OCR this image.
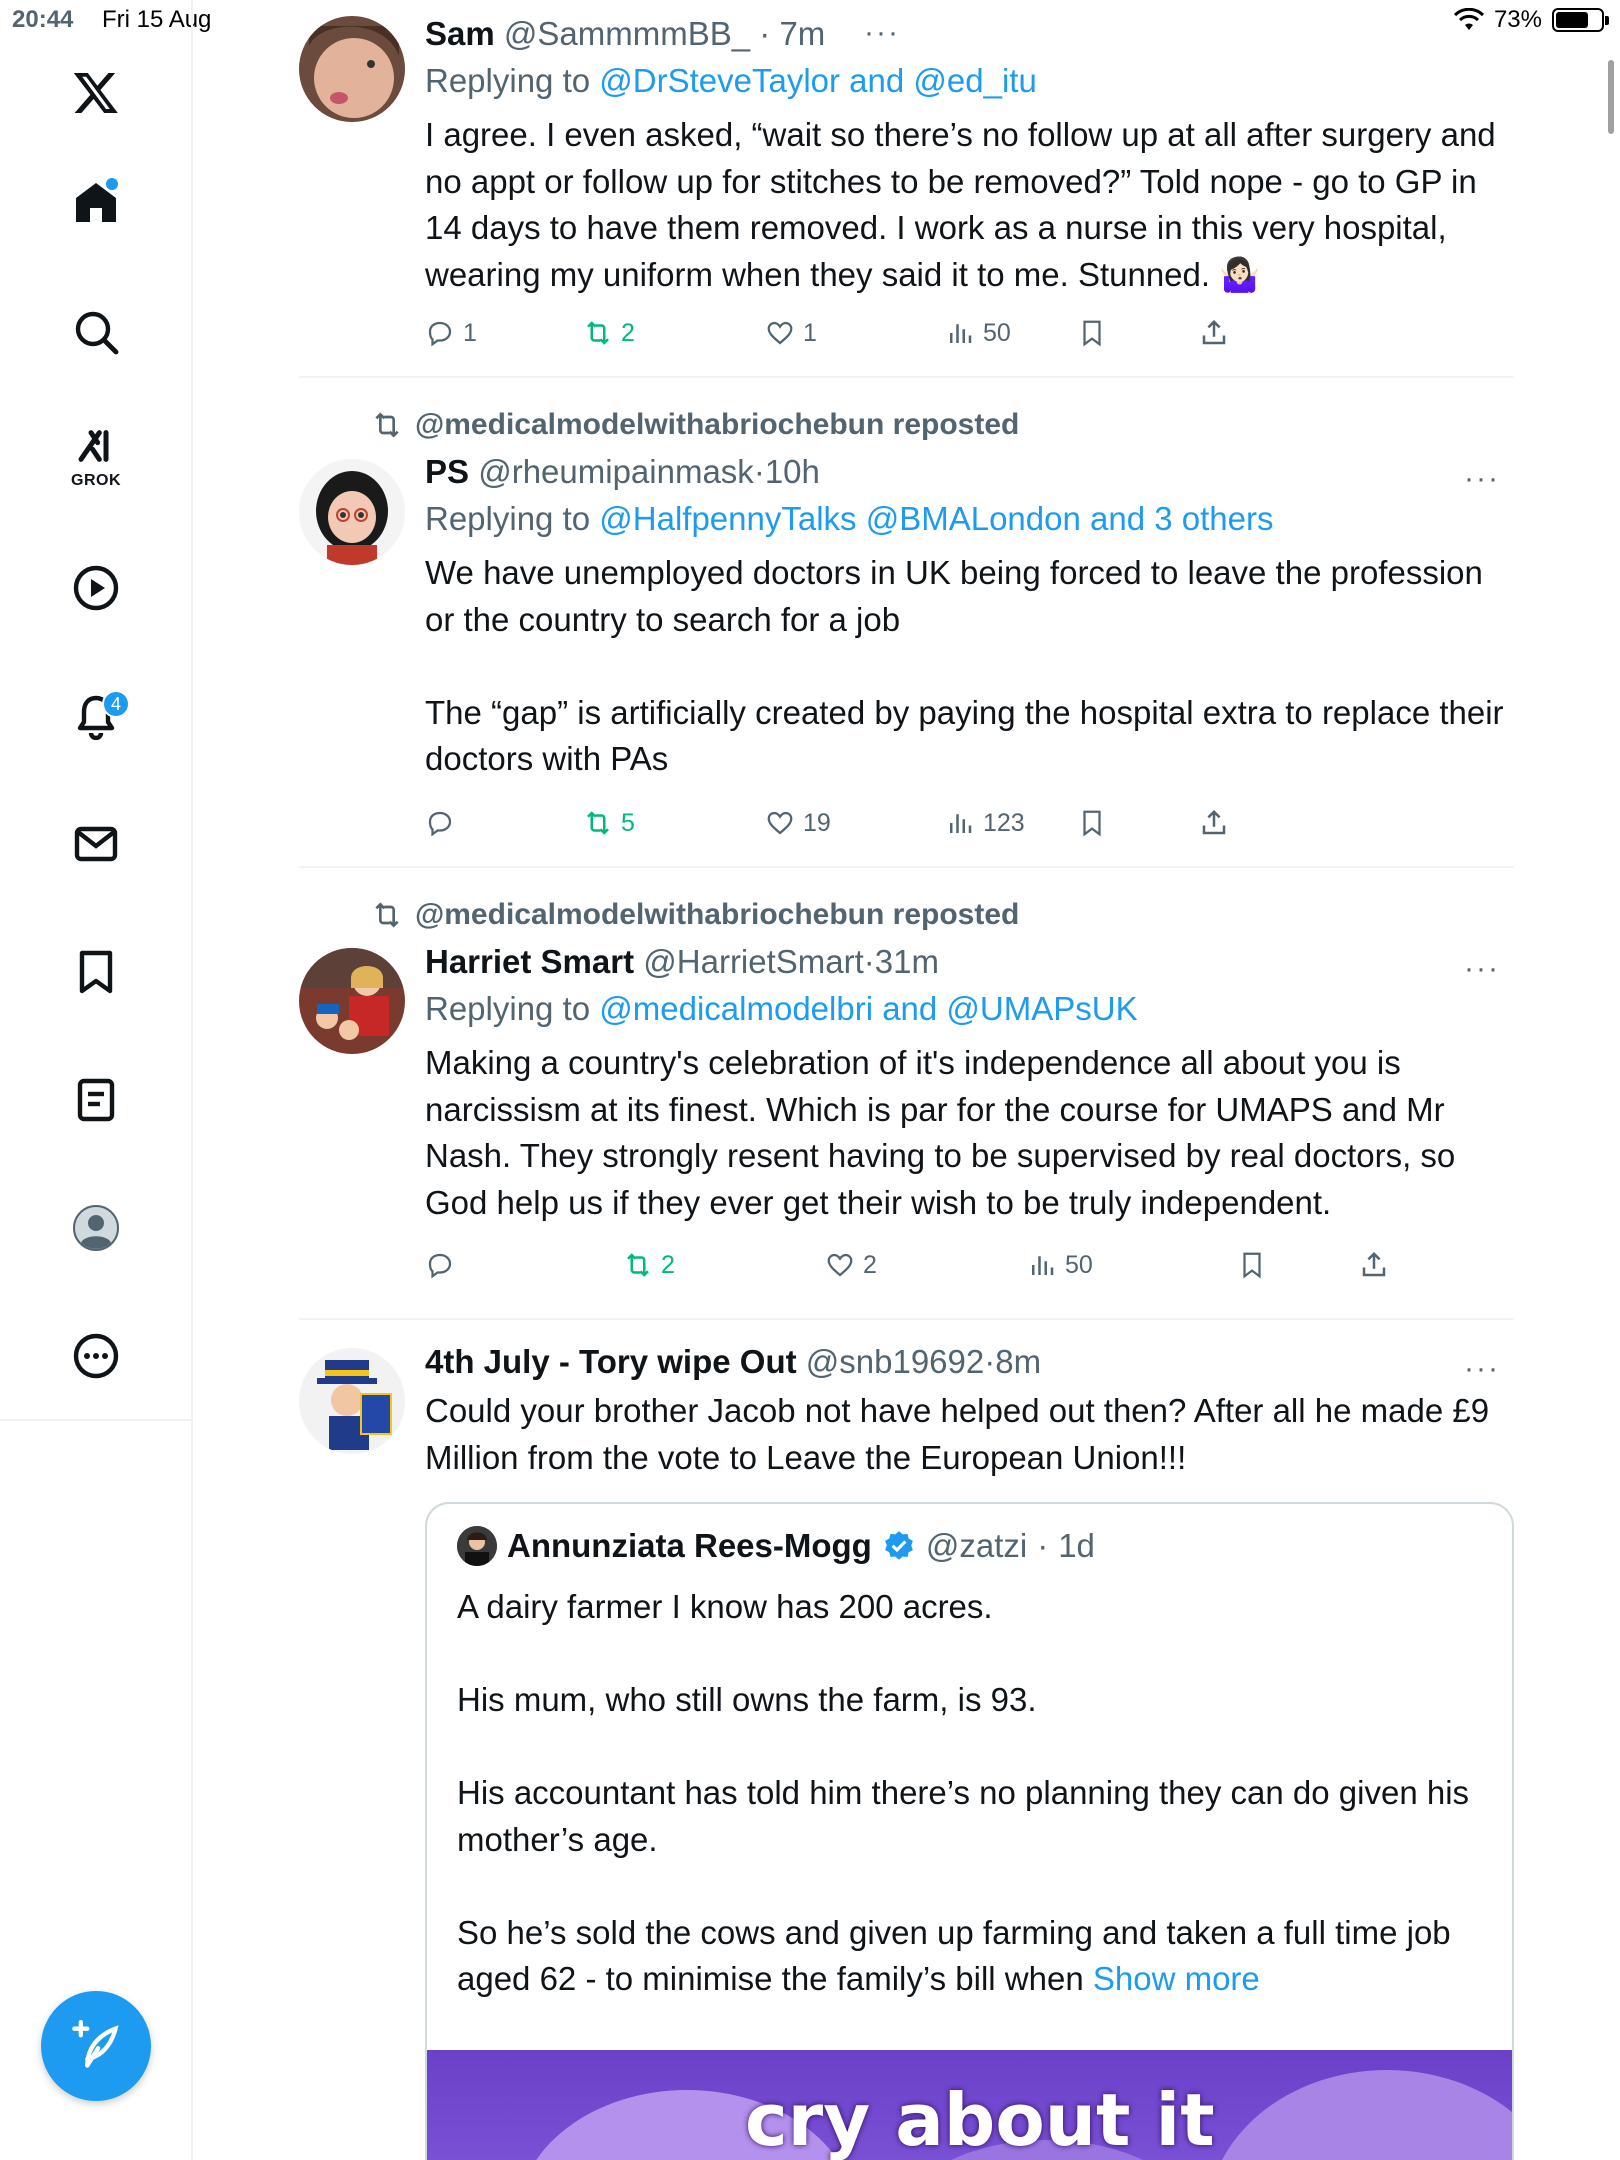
20:44 Fri 15 Aug	73%
GROK
4
Sam @SammmmBB_ · 7m
Replying to @DrSteveTaylor and @ed_itu
I agree. I even asked, “wait so there’s no follow up at all after surgery and no appt or follow up for stitches to be removed?” Told nope - go to GP in 14 days to have them removed. I work as a nurse in this very hospital, wearing my uniform when they said it to me. Stunned. 🤷🏻‍♀️
···
1	2	1	50
@medicalmodelwithabriochebun reposted
PS @rheumipainmask·10h
Replying to @HalfpennyTalks @BMALondon and 3 others
We have unemployed doctors in UK being forced to leave the profession or the country to search for a job

The “gap” is artificially created by paying the hospital extra to replace their doctors with PAs
···
5	19	123
@medicalmodelwithabriochebun reposted
Harriet Smart @HarrietSmart·31m
Replying to @medicalmodelbri and @UMAPsUK
Making a country's celebration of it's independence all about you is narcissism at its finest. Which is par for the course for UMAPS and Mr Nash. They strongly resent having to be supervised by real doctors, so God help us if they ever get their wish to be truly independent.
···
2	2	50
4th July - Tory wipe Out @snb19692·8m
Could your brother Jacob not have helped out then? After all he made £9 Million from the vote to Leave the European Union!!!
···
Annunziata Rees-Mogg @zatzi · 1d
A dairy farmer I know has 200 acres.

His mum, who still owns the farm, is 93.

His accountant has told him there’s no planning they can do given his mother’s age.

So he’s sold the cows and given up farming and taken a full time job aged 62 - to minimise the family’s bill when Show more
cry about it
